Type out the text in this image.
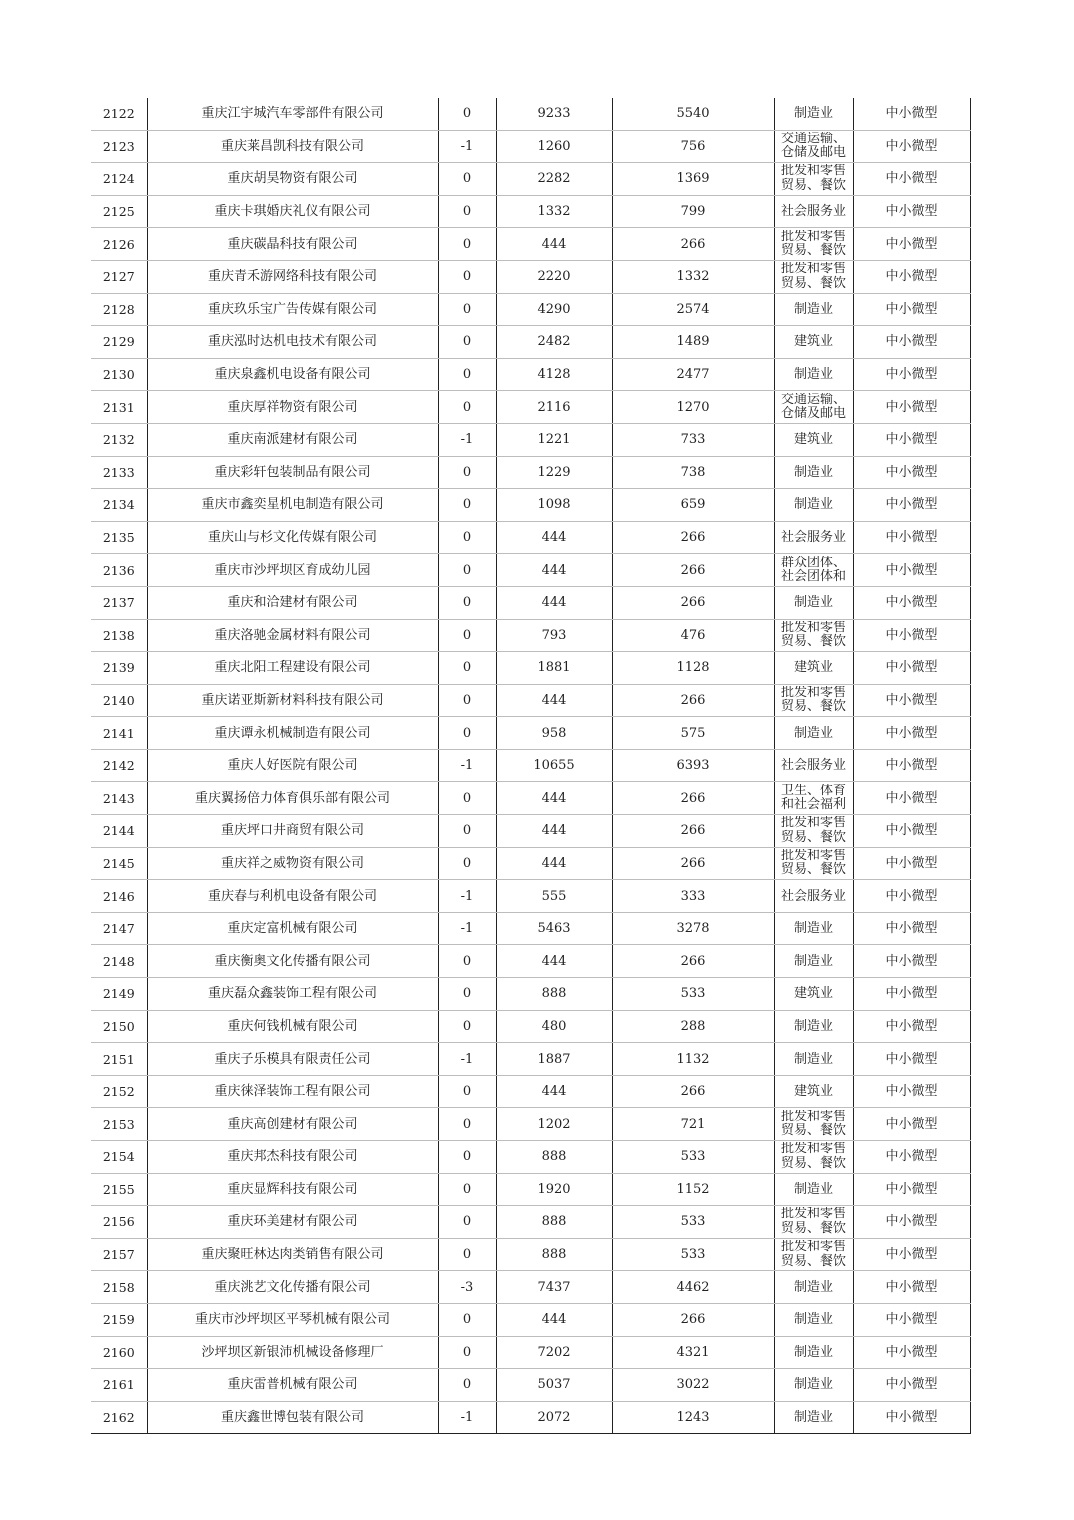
2122	重庆江宇城汽车零部件有限公司	0	9233	5540	制造业	中小微型
2123	重庆莱昌凯科技有限公司	-1	1260	756	交通运输、仓储及邮电	中小微型
2124	重庆胡昊物资有限公司	0	2282	1369	批发和零售贸易、餐饮	中小微型
2125	重庆卡琪婚庆礼仪有限公司	0	1332	799	社会服务业	中小微型
2126	重庆碳晶科技有限公司	0	444	266	批发和零售贸易、餐饮	中小微型
2127	重庆青禾游网络科技有限公司	0	2220	1332	批发和零售贸易、餐饮	中小微型
2128	重庆玖乐宝广告传媒有限公司	0	4290	2574	制造业	中小微型
2129	重庆泓时达机电技术有限公司	0	2482	1489	建筑业	中小微型
2130	重庆泉鑫机电设备有限公司	0	4128	2477	制造业	中小微型
2131	重庆厚祥物资有限公司	0	2116	1270	交通运输、仓储及邮电	中小微型
2132	重庆南派建材有限公司	-1	1221	733	建筑业	中小微型
2133	重庆彩轩包装制品有限公司	0	1229	738	制造业	中小微型
2134	重庆市鑫奕星机电制造有限公司	0	1098	659	制造业	中小微型
2135	重庆山与杉文化传媒有限公司	0	444	266	社会服务业	中小微型
2136	重庆市沙坪坝区育成幼儿园	0	444	266	群众团体、社会团体和	中小微型
2137	重庆和洽建材有限公司	0	444	266	制造业	中小微型
2138	重庆洛驰金属材料有限公司	0	793	476	批发和零售贸易、餐饮	中小微型
2139	重庆北阳工程建设有限公司	0	1881	1128	建筑业	中小微型
2140	重庆诺亚斯新材料科技有限公司	0	444	266	批发和零售贸易、餐饮	中小微型
2141	重庆谭永机械制造有限公司	0	958	575	制造业	中小微型
2142	重庆人好医院有限公司	-1	10655	6393	社会服务业	中小微型
2143	重庆翼扬倍力体育俱乐部有限公司	0	444	266	卫生、体育和社会福利	中小微型
2144	重庆坪口井商贸有限公司	0	444	266	批发和零售贸易、餐饮	中小微型
2145	重庆祥之威物资有限公司	0	444	266	批发和零售贸易、餐饮	中小微型
2146	重庆春与利机电设备有限公司	-1	555	333	社会服务业	中小微型
2147	重庆定富机械有限公司	-1	5463	3278	制造业	中小微型
2148	重庆衡奥文化传播有限公司	0	444	266	制造业	中小微型
2149	重庆磊众鑫装饰工程有限公司	0	888	533	建筑业	中小微型
2150	重庆何钱机械有限公司	0	480	288	制造业	中小微型
2151	重庆子乐模具有限责任公司	-1	1887	1132	制造业	中小微型
2152	重庆徕泽装饰工程有限公司	0	444	266	建筑业	中小微型
2153	重庆高创建材有限公司	0	1202	721	批发和零售贸易、餐饮	中小微型
2154	重庆邦杰科技有限公司	0	888	533	批发和零售贸易、餐饮	中小微型
2155	重庆显辉科技有限公司	0	1920	1152	制造业	中小微型
2156	重庆环美建材有限公司	0	888	533	批发和零售贸易、餐饮	中小微型
2157	重庆聚旺林达肉类销售有限公司	0	888	533	批发和零售贸易、餐饮	中小微型
2158	重庆洮艺文化传播有限公司	-3	7437	4462	制造业	中小微型
2159	重庆市沙坪坝区平琴机械有限公司	0	444	266	制造业	中小微型
2160	沙坪坝区新银沛机械设备修理厂	0	7202	4321	制造业	中小微型
2161	重庆雷普机械有限公司	0	5037	3022	制造业	中小微型
2162	重庆鑫世博包装有限公司	-1	2072	1243	制造业	中小微型
